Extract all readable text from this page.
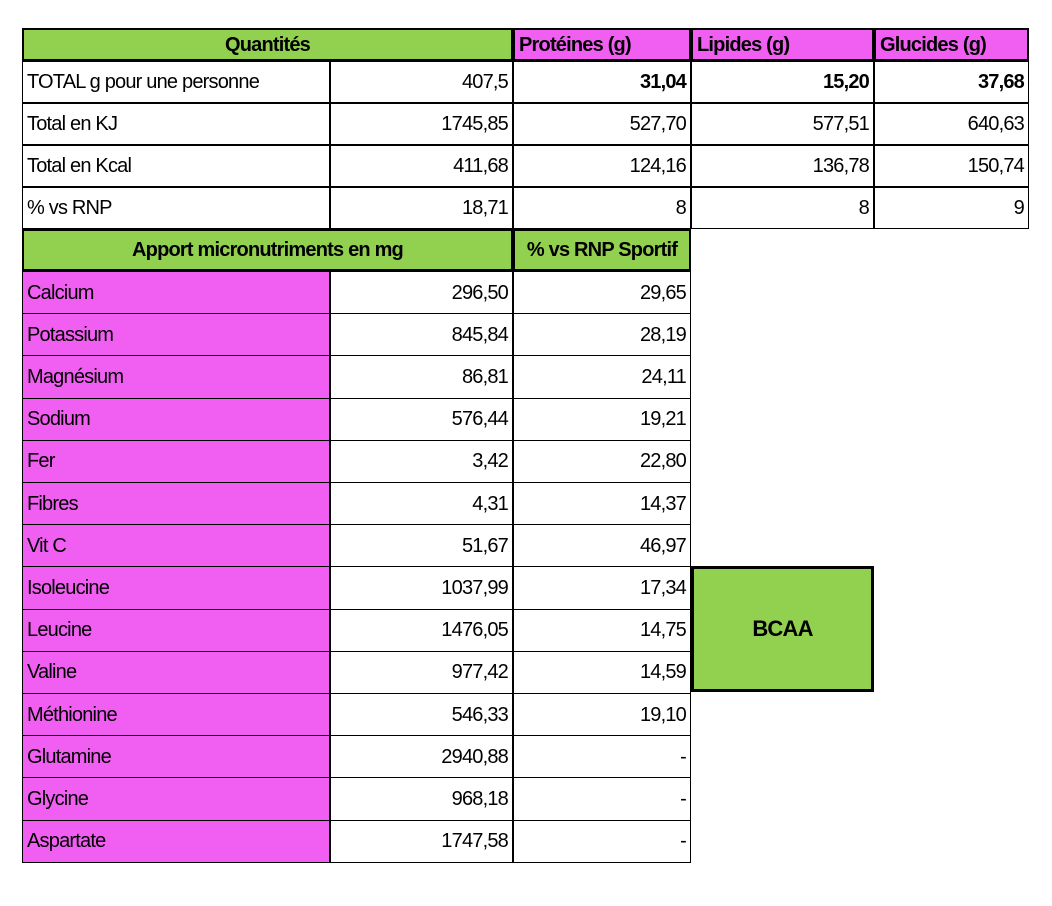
Quantités	Protéines (g)	Lipides (g)	Glucides (g)
TOTAL g pour une personne	407,5	31,04	15,20	37,68
Total en KJ	1745,85	527,70	577,51	640,63
Total en Kcal	411,68	124,16	136,78	150,74
% vs RNP	18,71	8	8	9
Apport micronutriments en mg	% vs RNP Sportif
Calcium	296,50	29,65
Potassium	845,84	28,19
Magnésium	86,81	24,11
Sodium	576,44	19,21
Fer	3,42	22,80
Fibres	4,31	14,37
Vit C	51,67	46,97
Isoleucine	1037,99	17,34
Leucine	1476,05	14,75
Valine	977,42	14,59
Méthionine	546,33	19,10
Glutamine	2940,88	-
Glycine	968,18	-
Aspartate	1747,58	-
BCAA
